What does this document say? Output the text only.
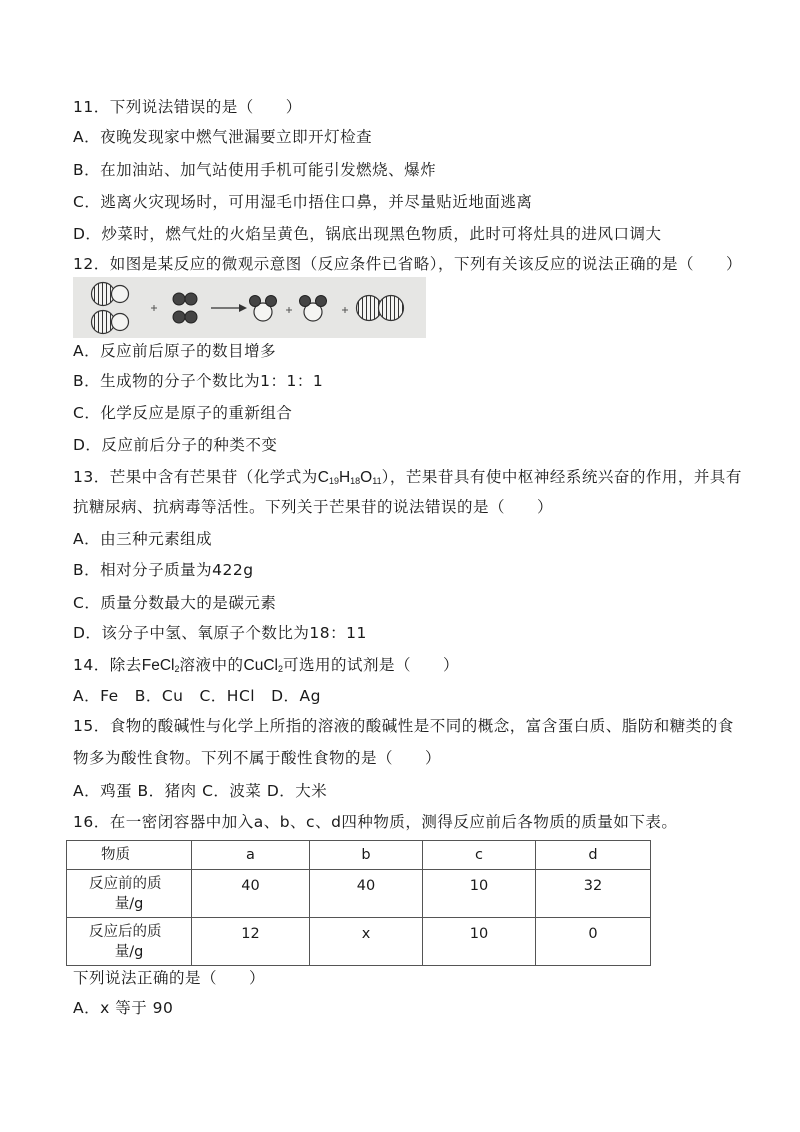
11．下列说法错误的是（　　）
A．夜晚发现家中燃气泄漏要立即开灯检查
B．在加油站、加气站使用手机可能引发燃烧、爆炸
C．逃离火灾现场时，可用湿毛巾捂住口鼻，并尽量贴近地面逃离
D．炒菜时，燃气灶的火焰呈黄色，锅底出现黑色物质，此时可将灶具的进风口调大
12．如图是某反应的微观示意图（反应条件已省略），下列有关该反应的说法正确的是（　　）
A．反应前后原子的数目增多
B．生成物的分子个数比为1：1：1
C．化学反应是原子的重新组合
D．反应前后分子的种类不变
13．芒果中含有芒果苷（化学式为$C_{19}H_{18}O_{11}$），芒果苷具有使中枢神经系统兴奋的作用，并具有
抗糖尿病、抗病毒等活性。下列关于芒果苷的说法错误的是（　　）
A．由三种元素组成
B．相对分子质量为422g
C．质量分数最大的是碳元素
D．该分子中氢、氧原子个数比为18：11
14．除去FeCl$_2$溶液中的CuCl$_2$可选用的试剂是（　　）
A．Fe　B．Cu　C．HCl　D．Ag
15．食物的酸碱性与化学上所指的溶液的酸碱性是不同的概念，富含蛋白质、脂防和糖类的食
物多为酸性食物。下列不属于酸性食物的是（　　）
A．鸡蛋 B．猪肉 C．波菜 D．大米
16．在一密闭容器中加入a、b、c、d四种物质，测得反应前后各物质的质量如下表。
物质	a	b	c	d

反应前的质
量/g	40	40	10	32

反应后的质
量/g	12	x	10	0
下列说法正确的是（　　）
A．x 等于 90
